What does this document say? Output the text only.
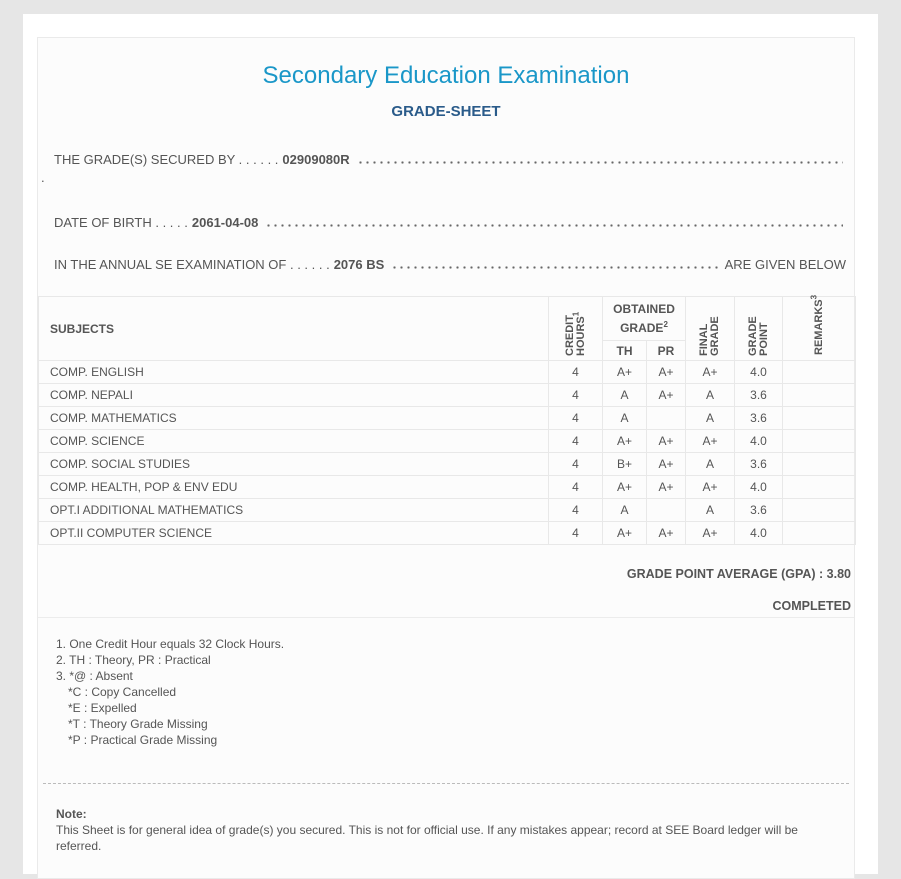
Secondary Education Examination
GRADE-SHEET
THE GRADE(S) SECURED BY . . . . . . 02909080R
.
DATE OF BIRTH . . . . . 2061-04-08
IN THE ANNUAL SE EXAMINATION OF . . . . . . 2076 BS	ARE GIVEN BELOW
SUBJECTS	CREDIT HOURS$^1$	OBTAINED GRADE$^2$		FINAL GRADE	GRADE POINT	REMARKS$^3$
		TH	PR			
COMP. ENGLISH	4	A+	A+	A+	4.0	
COMP. NEPALI	4	A	A+	A	3.6	
COMP. MATHEMATICS	4	A		A	3.6	
COMP. SCIENCE	4	A+	A+	A+	4.0	
COMP. SOCIAL STUDIES	4	B+	A+	A	3.6	
COMP. HEALTH, POP & ENV EDU	4	A+	A+	A+	4.0	
OPT.I ADDITIONAL MATHEMATICS	4	A		A	3.6	
OPT.II COMPUTER SCIENCE	4	A+	A+	A+	4.0	
GRADE POINT AVERAGE (GPA) : 3.80
COMPLETED
1. One Credit Hour equals 32 Clock Hours.
2. TH : Theory, PR : Practical
3. *@ : Absent
*C : Copy Cancelled
*E : Expelled
*T : Theory Grade Missing
*P : Practical Grade Missing
Note:
This Sheet is for general idea of grade(s) you secured. This is not for official use. If any mistakes appear; record at SEE Board ledger will be referred.
